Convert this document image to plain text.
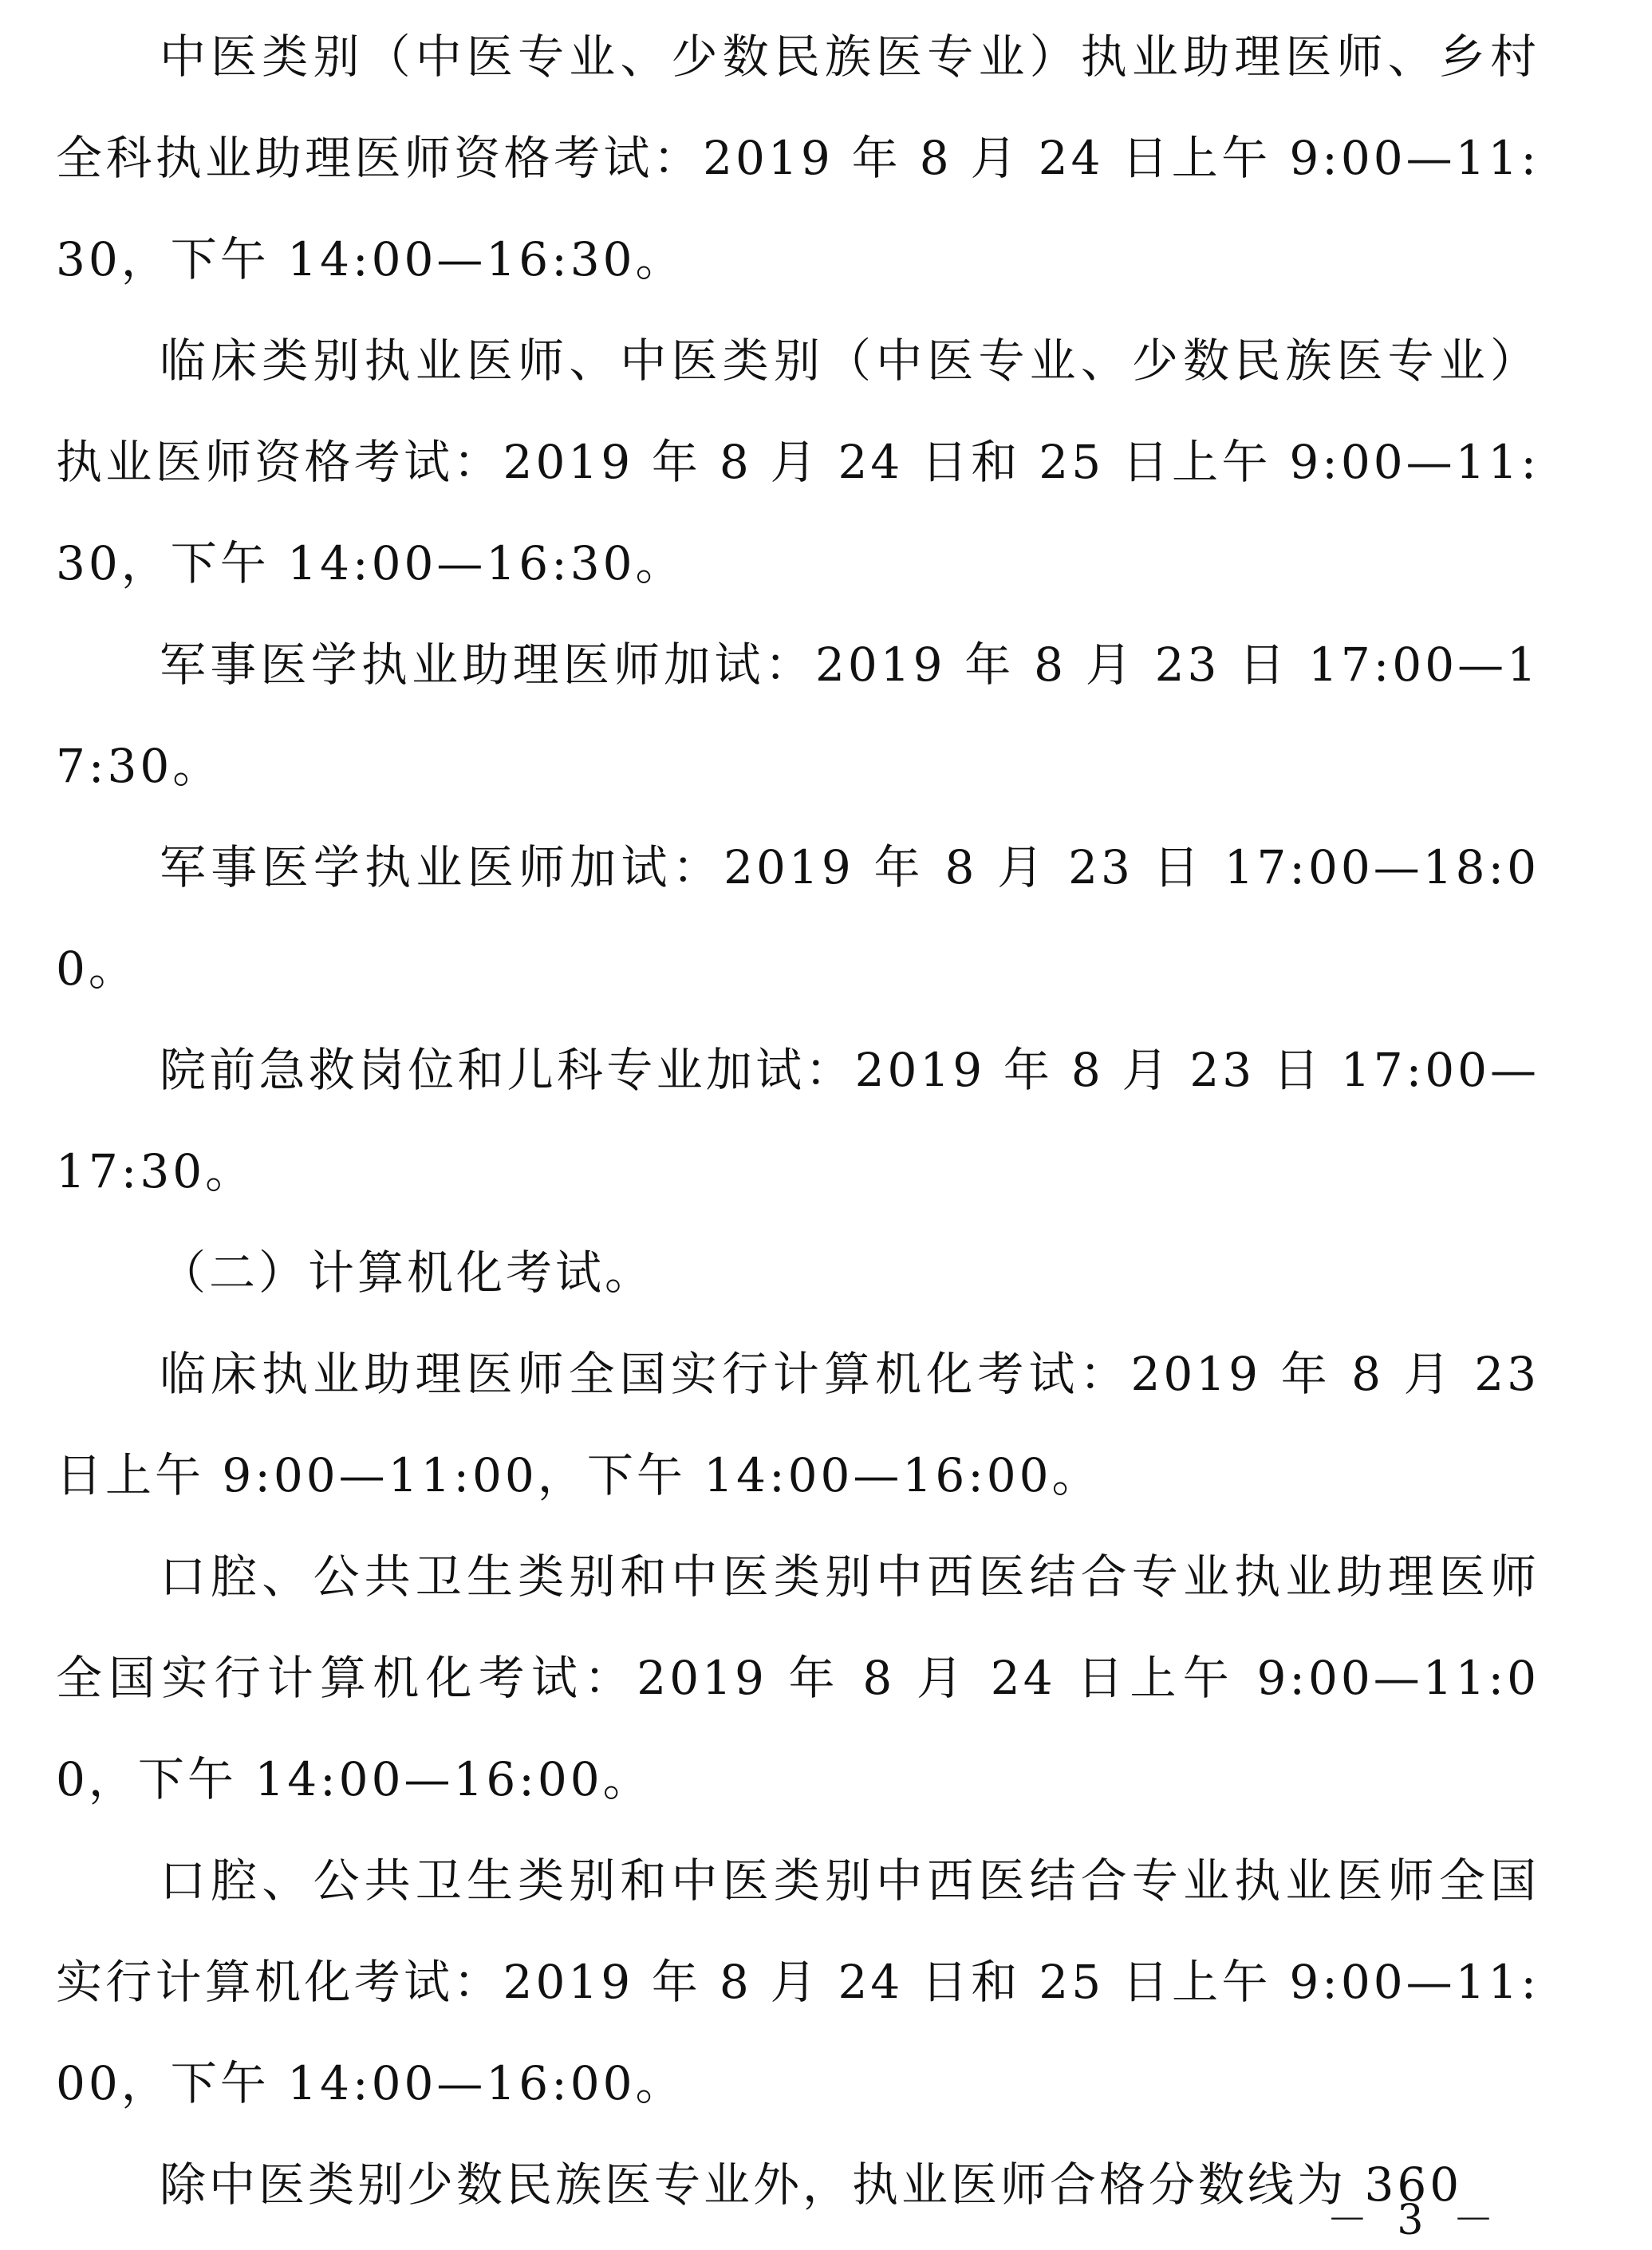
中医类别（中医专业、少数民族医专业）执业助理医师、乡村全科执业助理医师资格考试：2019 年 8 月 24 日上午 9:00—11:30，下午 14:00—16:30。

临床类别执业医师、中医类别（中医专业、少数民族医专业）执业医师资格考试：2019 年 8 月 24 日和 25 日上午 9:00—11:30，下午 14:00—16:30。

军事医学执业助理医师加试：2019 年 8 月 23 日 17:00—17:30。

军事医学执业医师加试：2019 年 8 月 23 日 17:00—18:00。

院前急救岗位和儿科专业加试：2019 年 8 月 23 日 17:00—17:30。

（二）计算机化考试。

临床执业助理医师全国实行计算机化考试：2019 年 8 月 23 日上午 9:00—11:00，下午 14:00—16:00。

口腔、公共卫生类别和中医类别中西医结合专业执业助理医师全国实行计算机化考试：2019 年 8 月 24 日上午 9:00—11:00，下午 14:00—16:00。

口腔、公共卫生类别和中医类别中西医结合专业执业医师全国实行计算机化考试：2019 年 8 月 24 日和 25 日上午 9:00—11:00，下午 14:00—16:00。

除中医类别少数民族医专业外，执业医师合格分数线为 360

－ 3 －
